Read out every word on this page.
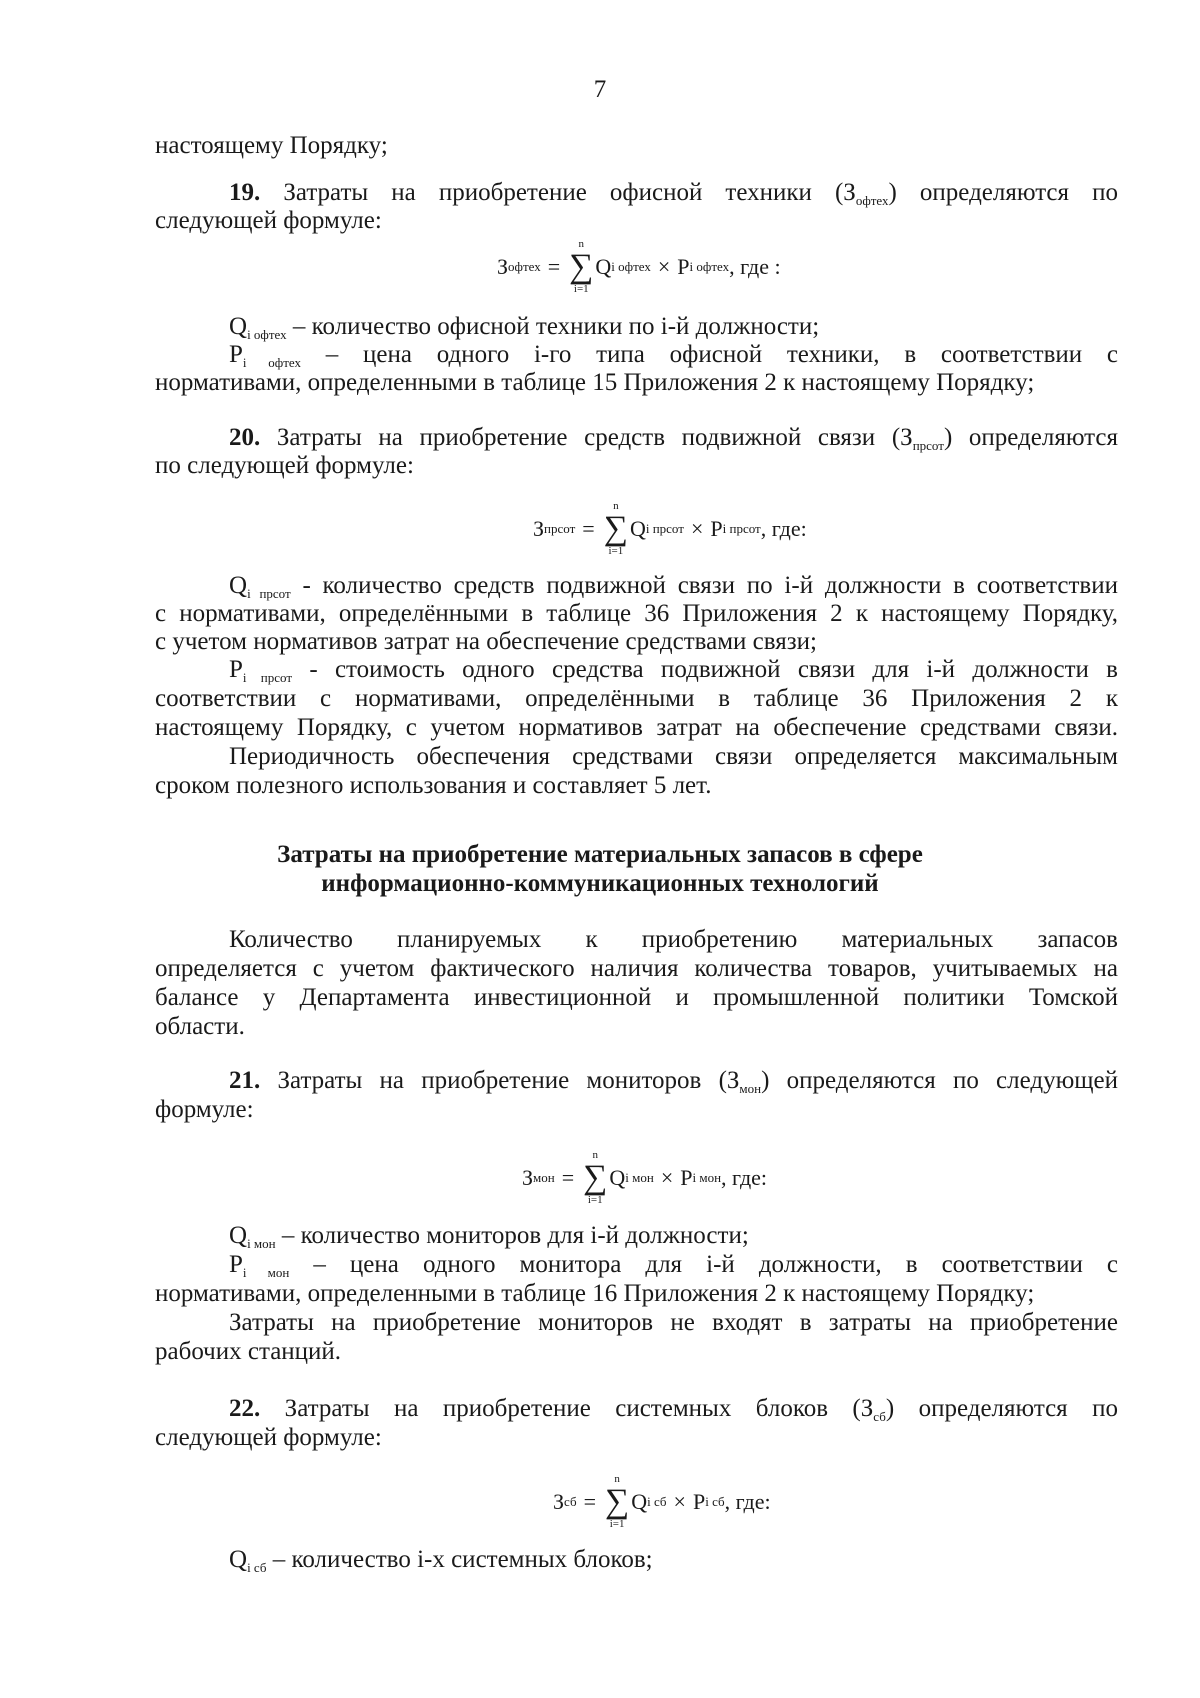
7

настоящему Порядку;

19. Затраты на приобретение офисной техники $(З_{офтех})$ определяются по

следующей формуле:

З офтех =
n
∑
i=1
Q i офтех × P i офтех , где :

$Q_{i офтех}$ – количество офисной техники по i-й должности;

$P_{i офтех}$ – цена одного i-го типа офисной техники, в соответствии с

нормативами, определенными в таблице 15 Приложения 2 к настоящему Порядку;

20. Затраты на приобретение средств подвижной связи $(З_{прсот})$ определяются

по следующей формуле:

З прсот =
n
∑
i=1
Q i прсот × P i прсот , где:

$Q_{i прсот}$ - количество средств подвижной связи по i-й должности в соответствии

с нормативами, определёнными в таблице 36 Приложения 2 к настоящему Порядку,

с учетом нормативов затрат на обеспечение средствами связи;

$P_{i прсот}$ - стоимость одного средства подвижной связи для i-й должности в

соответствии с нормативами, определёнными в таблице 36 Приложения 2 к

настоящему Порядку, с учетом нормативов затрат на обеспечение средствами связи.

Периодичность обеспечения средствами связи определяется максимальным

сроком полезного использования и составляет 5 лет.

Затраты на приобретение материальных запасов в сфере

информационно-коммуникационных технологий

Количество планируемых к приобретению материальных запасов

определяется с учетом фактического наличия количества товаров, учитываемых на

балансе у Департамента инвестиционной и промышленной политики Томской

области.

21. Затраты на приобретение мониторов $(З_{мон})$ определяются по следующей

формуле:

З мон =
n
∑
i=1
Q i мон × P i мон , где:

$Q_{i мон}$ – количество мониторов для i-й должности;

$P_{i мон}$ – цена одного монитора для i-й должности, в соответствии с

нормативами, определенными в таблице 16 Приложения 2 к настоящему Порядку;

Затраты на приобретение мониторов не входят в затраты на приобретение

рабочих станций.

22. Затраты на приобретение системных блоков $(З_{сб})$ определяются по

следующей формуле:

З сб =
n
∑
i=1
Q i сб × P i сб , где:

$Q_{i сб}$ – количество i-х системных блоков;
